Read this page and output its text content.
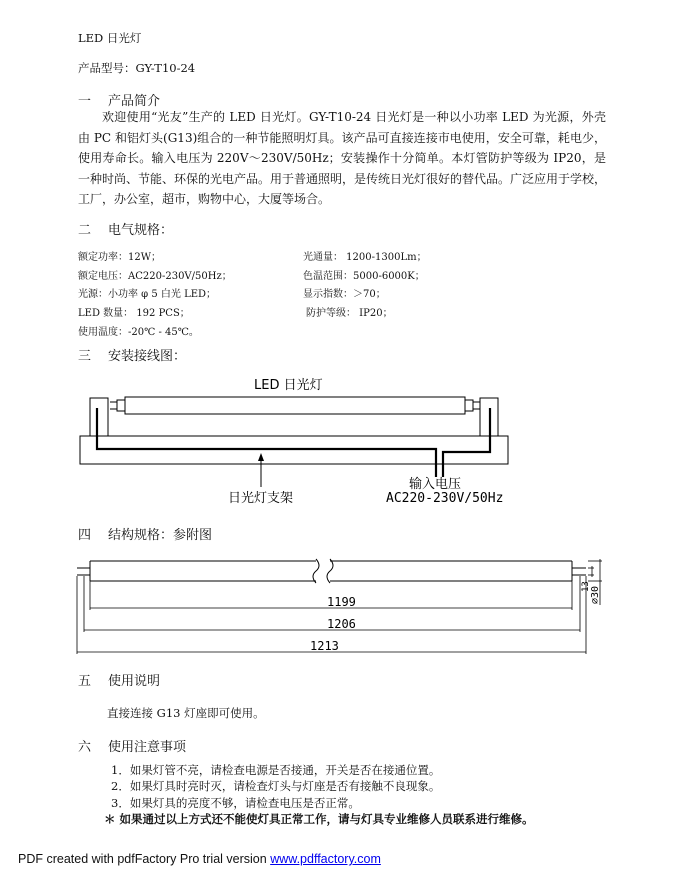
LED 日光灯
产品型号：GY-T10-24
一 产品简介

欢迎使用“光友”生产的 LED 日光灯。GY-T10-24 日光灯是一种以小功率 LED 为光源，外壳由 PC 和铝灯头(G13)组合的一种节能照明灯具。该产品可直接连接市电使用，安全可靠，耗电少，使用寿命长。输入电压为 220V～230V/50Hz；安装操作十分简单。本灯管防护等级为 IP20，是一种时尚、节能、环保的光电产品。用于普通照明，是传统日光灯很好的替代品。广泛应用于学校，工厂，办公室，超市，购物中心，大厦等场合。

二 电气规格：
额定功率：12W；	光通量： 1200-1300Lm；
额定电压：AC220-230V/50Hz；	色温范围：5000-6000K；
光源：小功率 φ 5 白光 LED；	显示指数：＞70；
LED 数量： 192 PCS；	防护等级： IP20；
使用温度：-20℃ - 45℃。
三 安装接线图：
LED 日光灯
日光灯支架
输入电压
AC220-230V/50Hz
四 结构规格：参附图
1199
1206
1213
13 ∅30
五 使用说明
直接连接 G13 灯座即可使用。
六 使用注意事项
1．如果灯管不亮，请检查电源是否接通，开关是否在接通位置。
2．如果灯具时亮时灭，请检查灯头与灯座是否有接触不良现象。
3．如果灯具的亮度不够，请检查电压是否正常。
＊ 如果通过以上方式还不能使灯具正常工作，请与灯具专业维修人员联系进行维修。
PDF created with pdfFactory Pro trial version www.pdffactory.com
